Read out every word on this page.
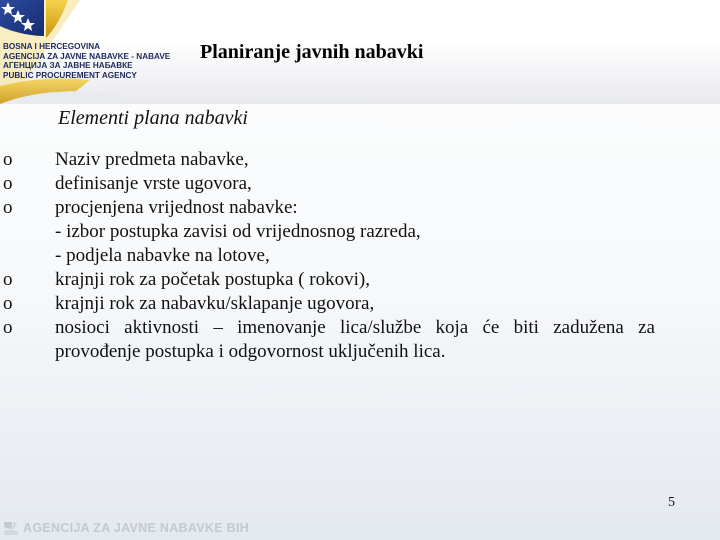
BOSNA I HERCEGOVINA
AGENCIJA ZA JAVNE NABAVKE - NABAVE
АГЕНЦИЈА ЗА ЈАВНЕ НАБАВКЕ
PUBLIC PROCUREMENT AGENCY
Planiranje javnih nabavki
Elementi plana nabavki
o Naziv predmeta nabavke,
o definisanje vrste ugovora,
o procjenjena vrijednost nabavke:
- izbor postupka zavisi od vrijednosnog razreda,
- podjela nabavke na lotove,
o krajnji rok za početak postupka ( rokovi),
o krajnji rok za nabavku/sklapanje ugovora,
o nosioci aktivnosti – imenovanje lica/službe koja će biti zadužena za provođenje postupka i odgovornost uključenih lica.
5
AGENCIJA ZA JAVNE NABAVKE BIH
